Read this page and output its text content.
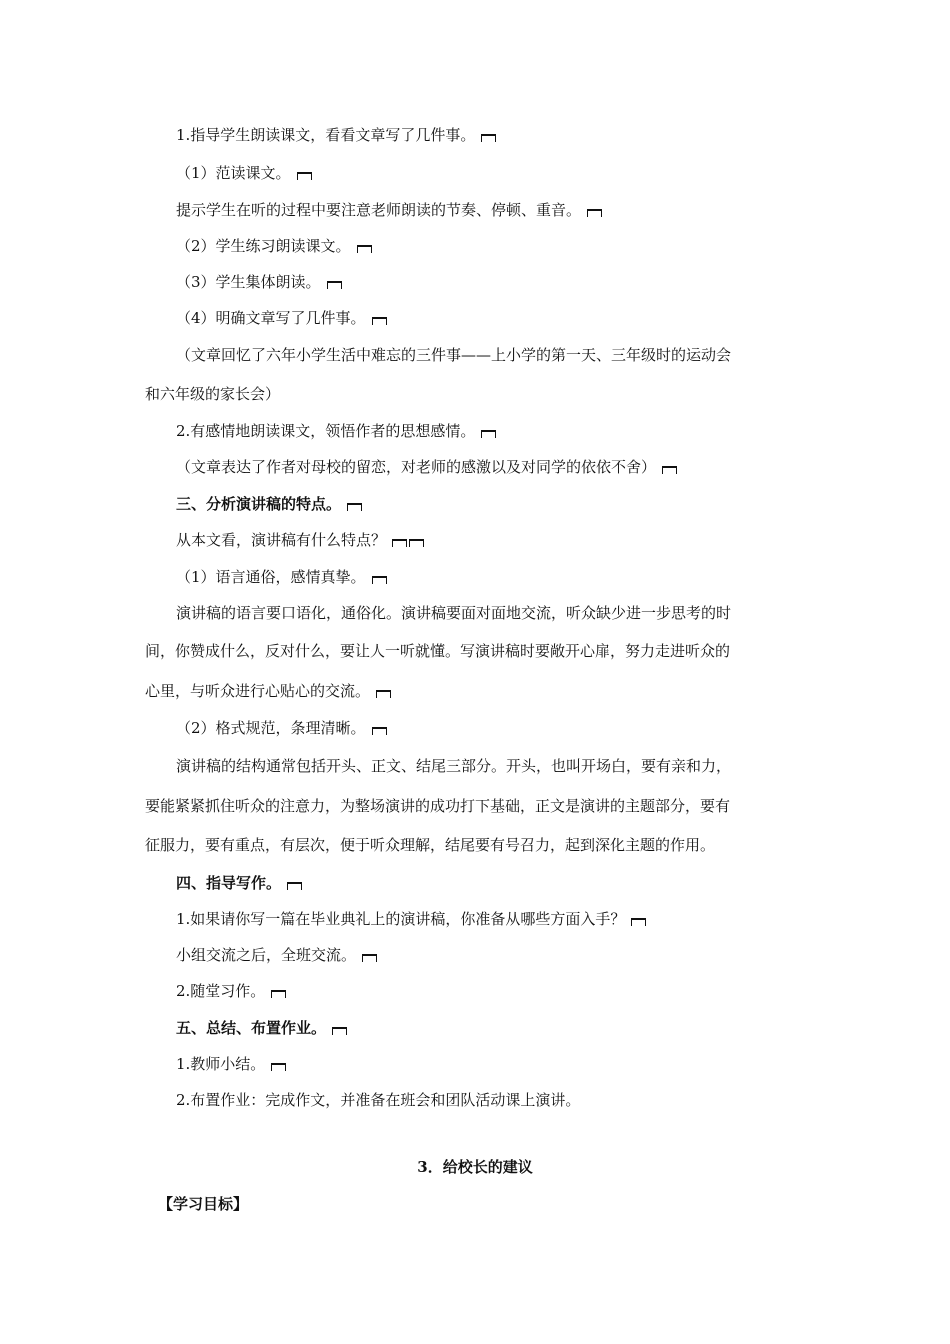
1.指导学生朗读课文，看看文章写了几件事。
（1）范读课文。
提示学生在听的过程中要注意老师朗读的节奏、停顿、重音。
（2）学生练习朗读课文。
（3）学生集体朗读。
（4）明确文章写了几件事。
（文章回忆了六年小学生活中难忘的三件事——上小学的第一天、三年级时的运动会
和六年级的家长会）
2.有感情地朗读课文，领悟作者的思想感情。
（文章表达了作者对母校的留恋，对老师的感激以及对同学的依依不舍）
三、分析演讲稿的特点。
从本文看，演讲稿有什么特点？
（1）语言通俗，感情真挚。
演讲稿的语言要口语化，通俗化。演讲稿要面对面地交流，听众缺少进一步思考的时
间，你赞成什么，反对什么，要让人一听就懂。写演讲稿时要敞开心扉，努力走进听众的
心里，与听众进行心贴心的交流。
（2）格式规范，条理清晰。
演讲稿的结构通常包括开头、正文、结尾三部分。开头，也叫开场白，要有亲和力，
要能紧紧抓住听众的注意力，为整场演讲的成功打下基础，正文是演讲的主题部分，要有
征服力，要有重点，有层次，便于听众理解，结尾要有号召力，起到深化主题的作用。
四、指导写作。
1.如果请你写一篇在毕业典礼上的演讲稿，你准备从哪些方面入手？
小组交流之后，全班交流。
2.随堂习作。
五、总结、布置作业。
1.教师小结。
2.布置作业：完成作文，并准备在班会和团队活动课上演讲。
3．给校长的建议
【学习目标】
